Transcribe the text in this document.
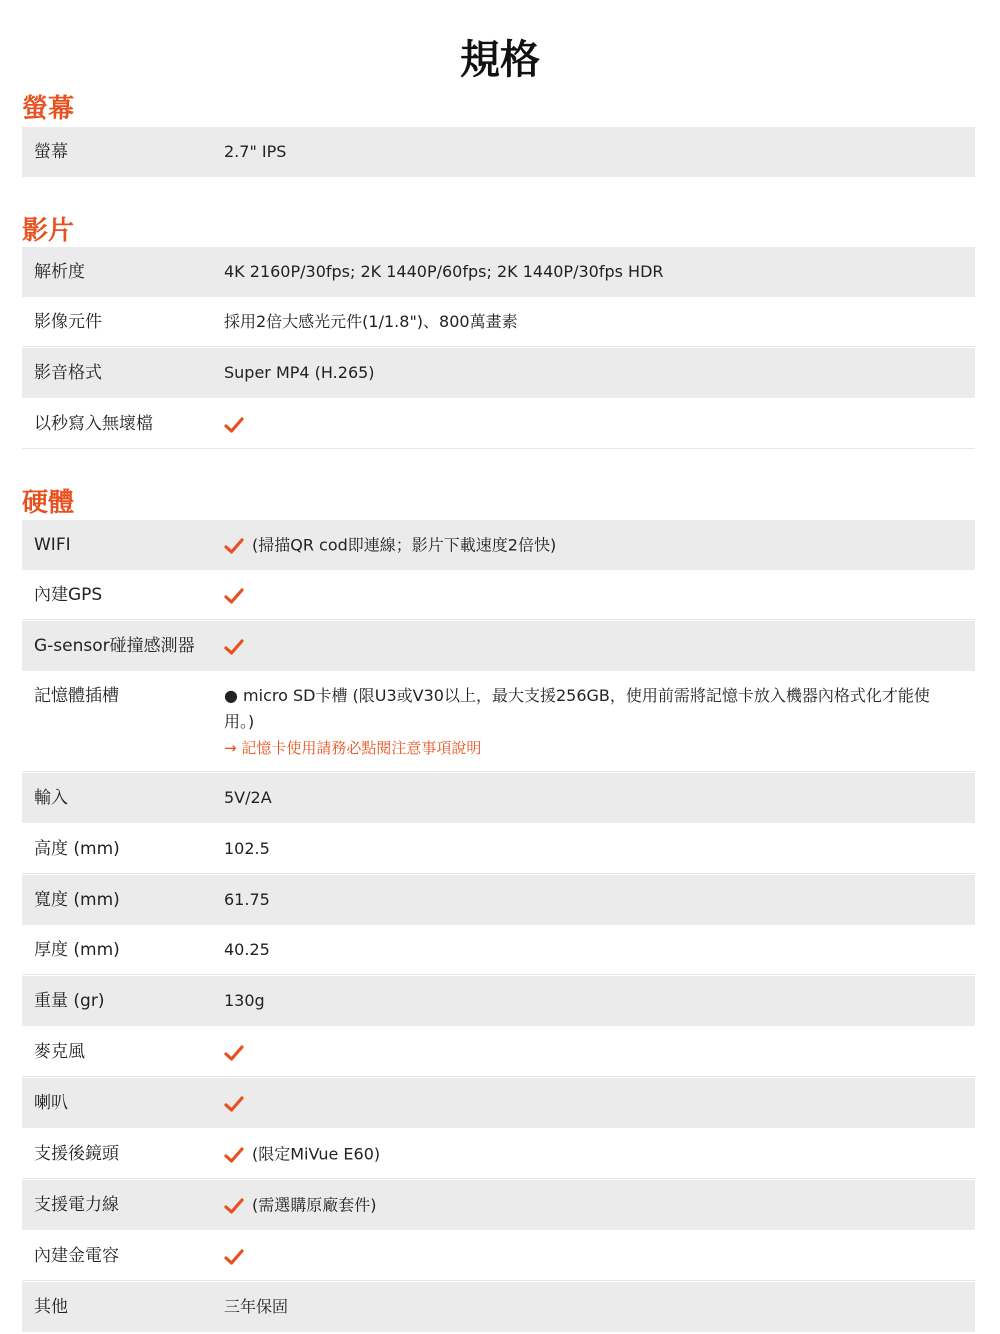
規格
螢幕
螢幕	2.7" IPS
影片
解析度	4K 2160P/30fps; 2K 1440P/60fps; 2K 1440P/30fps HDR
影像元件	採用2倍大感光元件(1/1.8")、800萬畫素
影音格式	Super MP4 (H.265)
以秒寫入無壞檔
硬體
WIFI	(掃描QR cod即連線；影片下載速度2倍快)
內建GPS
G-sensor碰撞感測器
記憶體插槽	● micro SD卡槽 (限U3或V30以上，最大支援256GB，使用前需將記憶卡放入機器內格式化才能使
用。)
→ 記憶卡使用請務必點閱注意事項說明
輸入	5V/2A
高度 (mm)	102.5
寬度 (mm)	61.75
厚度 (mm)	40.25
重量 (gr)	130g
麥克風
喇叭
支援後鏡頭	(限定MiVue E60)
支援電力線	(需選購原廠套件)
內建金電容
其他	三年保固
